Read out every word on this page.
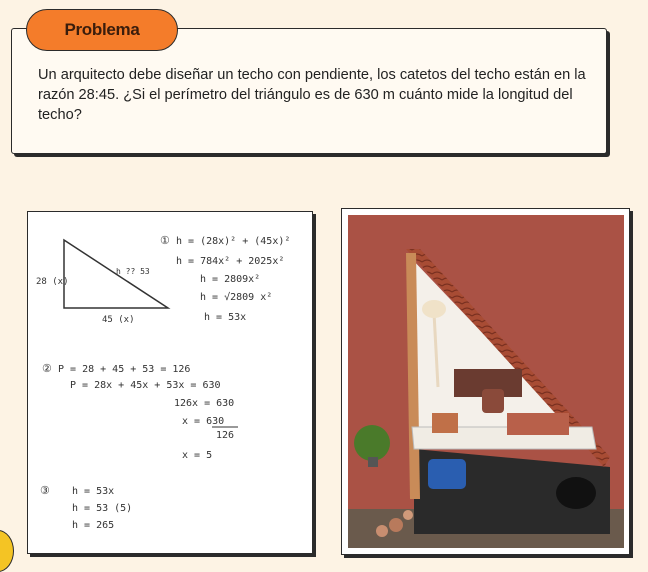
Problema
Un arquitecto debe diseñar un techo con pendiente, los catetos del techo están en la razón 28:45. ¿Si el perímetro del triángulo es de 630 m cuánto mide la longitud del techo?
28 (x)
h ?? 53
45 (x)
① h = (28x)² + (45x)²
h = 784x² + 2025x²
h = 2809x²
h = √2809 x²
h = 53x
② P = 28 + 45 + 53 = 126
P = 28x + 45x + 53x = 630
126x = 630
x = 630
126
x = 5
③ h = 53x
h = 53 (5)
h = 265
